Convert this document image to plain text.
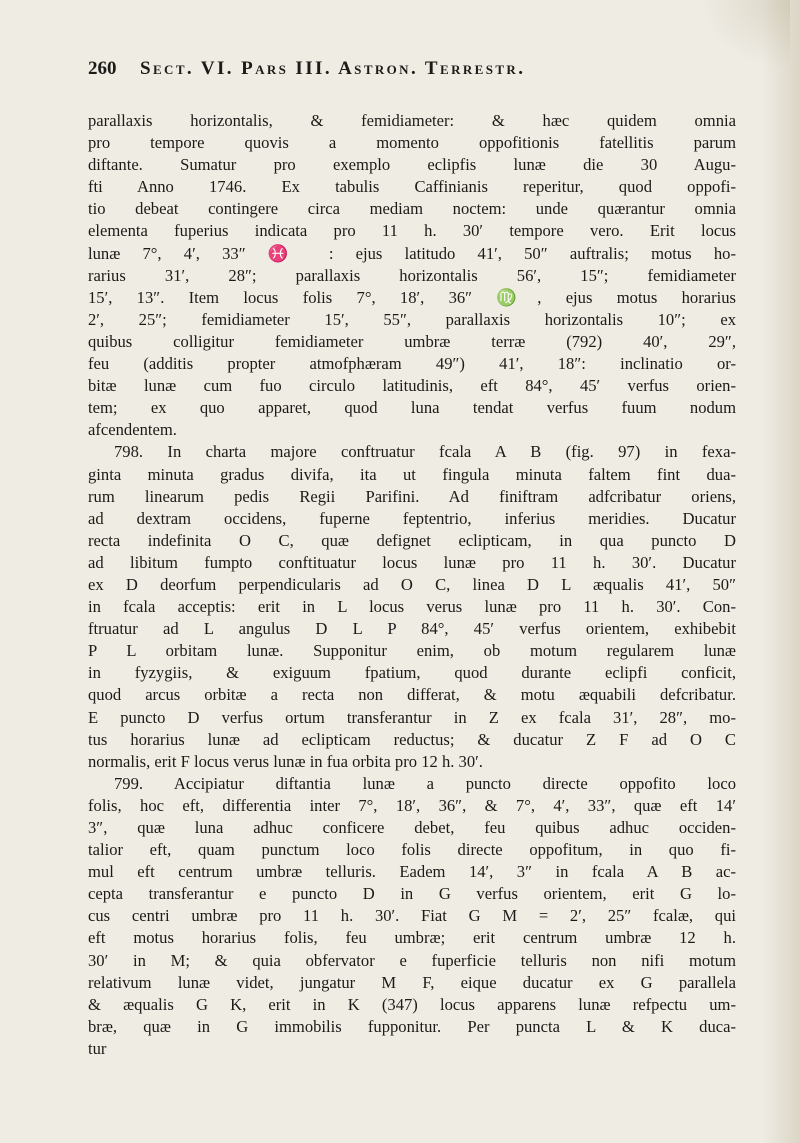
260	Sect. VI. Pars III. Astron. Terrestr.
parallaxis horizontalis, & femidiameter: & hæc quidem omnia
pro tempore quovis a momento oppofitionis fatellitis parum
diftante. Sumatur pro exemplo eclipfis lunæ die 30 Augu-
fti Anno 1746. Ex tabulis Caffinianis reperitur, quod oppofi-
tio debeat contingere circa mediam noctem: unde quærantur omnia
elementa fuperius indicata pro 11 h. 30′ tempore vero. Erit locus
lunæ 7°, 4′, 33″ ♓ : ejus latitudo 41′, 50″ auftralis; motus ho-
rarius 31′, 28″; parallaxis horizontalis 56′, 15″; femidiameter
15′, 13″. Item locus folis 7°, 18′, 36″ ♍, ejus motus horarius
2′, 25″; femidiameter 15′, 55″, parallaxis horizontalis 10″; ex
quibus colligitur femidiameter umbræ terræ (792) 40′, 29″,
feu (additis propter atmofphæram 49″) 41′, 18″: inclinatio or-
bitæ lunæ cum fuo circulo latitudinis, eft 84°, 45′ verfus orien-
tem; ex quo apparet, quod luna tendat verfus fuum nodum
afcendentem.
798. In charta majore conftruatur fcala A B (fig. 97) in fexa-
ginta minuta gradus divifa, ita ut fingula minuta faltem fint dua-
rum linearum pedis Regii Parifini. Ad finiftram adfcribatur oriens,
ad dextram occidens, fuperne feptentrio, inferius meridies. Ducatur
recta indefinita O C, quæ defignet eclipticam, in qua puncto D
ad libitum fumpto conftituatur locus lunæ pro 11 h. 30′. Ducatur
ex D deorfum perpendicularis ad O C, linea D L æqualis 41′, 50″
in fcala acceptis: erit in L locus verus lunæ pro 11 h. 30′. Con-
ftruatur ad L angulus D L P 84°, 45′ verfus orientem, exhibebit
P L orbitam lunæ. Supponitur enim, ob motum regularem lunæ
in fyzygiis, & exiguum fpatium, quod durante eclipfi conficit,
quod arcus orbitæ a recta non differat, & motu æquabili defcribatur.
E puncto D verfus ortum transferantur in Z ex fcala 31′, 28″, mo-
tus horarius lunæ ad eclipticam reductus; & ducatur Z F ad O C
normalis, erit F locus verus lunæ in fua orbita pro 12 h. 30′.
799. Accipiatur diftantia lunæ a puncto directe oppofito loco
folis, hoc eft, differentia inter 7°, 18′, 36″, & 7°, 4′, 33″, quæ eft 14′
3″, quæ luna adhuc conficere debet, feu quibus adhuc occiden-
talior eft, quam punctum loco folis directe oppofitum, in quo fi-
mul eft centrum umbræ telluris. Eadem 14′, 3″ in fcala A B ac-
cepta transferantur e puncto D in G verfus orientem, erit G lo-
cus centri umbræ pro 11 h. 30′. Fiat G M = 2′, 25″ fcalæ, qui
eft motus horarius folis, feu umbræ; erit centrum umbræ 12 h.
30′ in M; & quia obfervator e fuperficie telluris non nifi motum
relativum lunæ videt, jungatur M F, eique ducatur ex G parallela
& æqualis G K, erit in K (347) locus apparens lunæ refpectu um-
bræ, quæ in G immobilis fupponitur. Per puncta L & K duca-
tur
